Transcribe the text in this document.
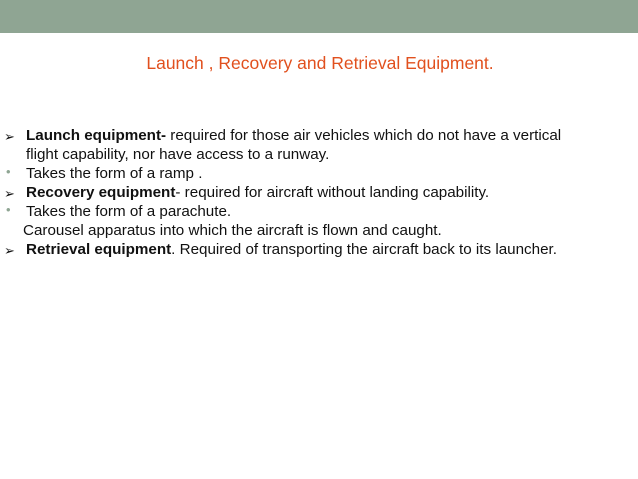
Launch , Recovery and Retrieval Equipment.
➢ Launch equipment- required for those air vehicles which do not have a vertical flight capability, nor have access to a runway.
•	Takes the form of a ramp .
➢ Recovery equipment- required for aircraft without landing capability.
•	Takes the form of a parachute.
Carousel apparatus into which the aircraft is flown and caught.
➢ Retrieval equipment. Required of transporting the aircraft back to its launcher.
